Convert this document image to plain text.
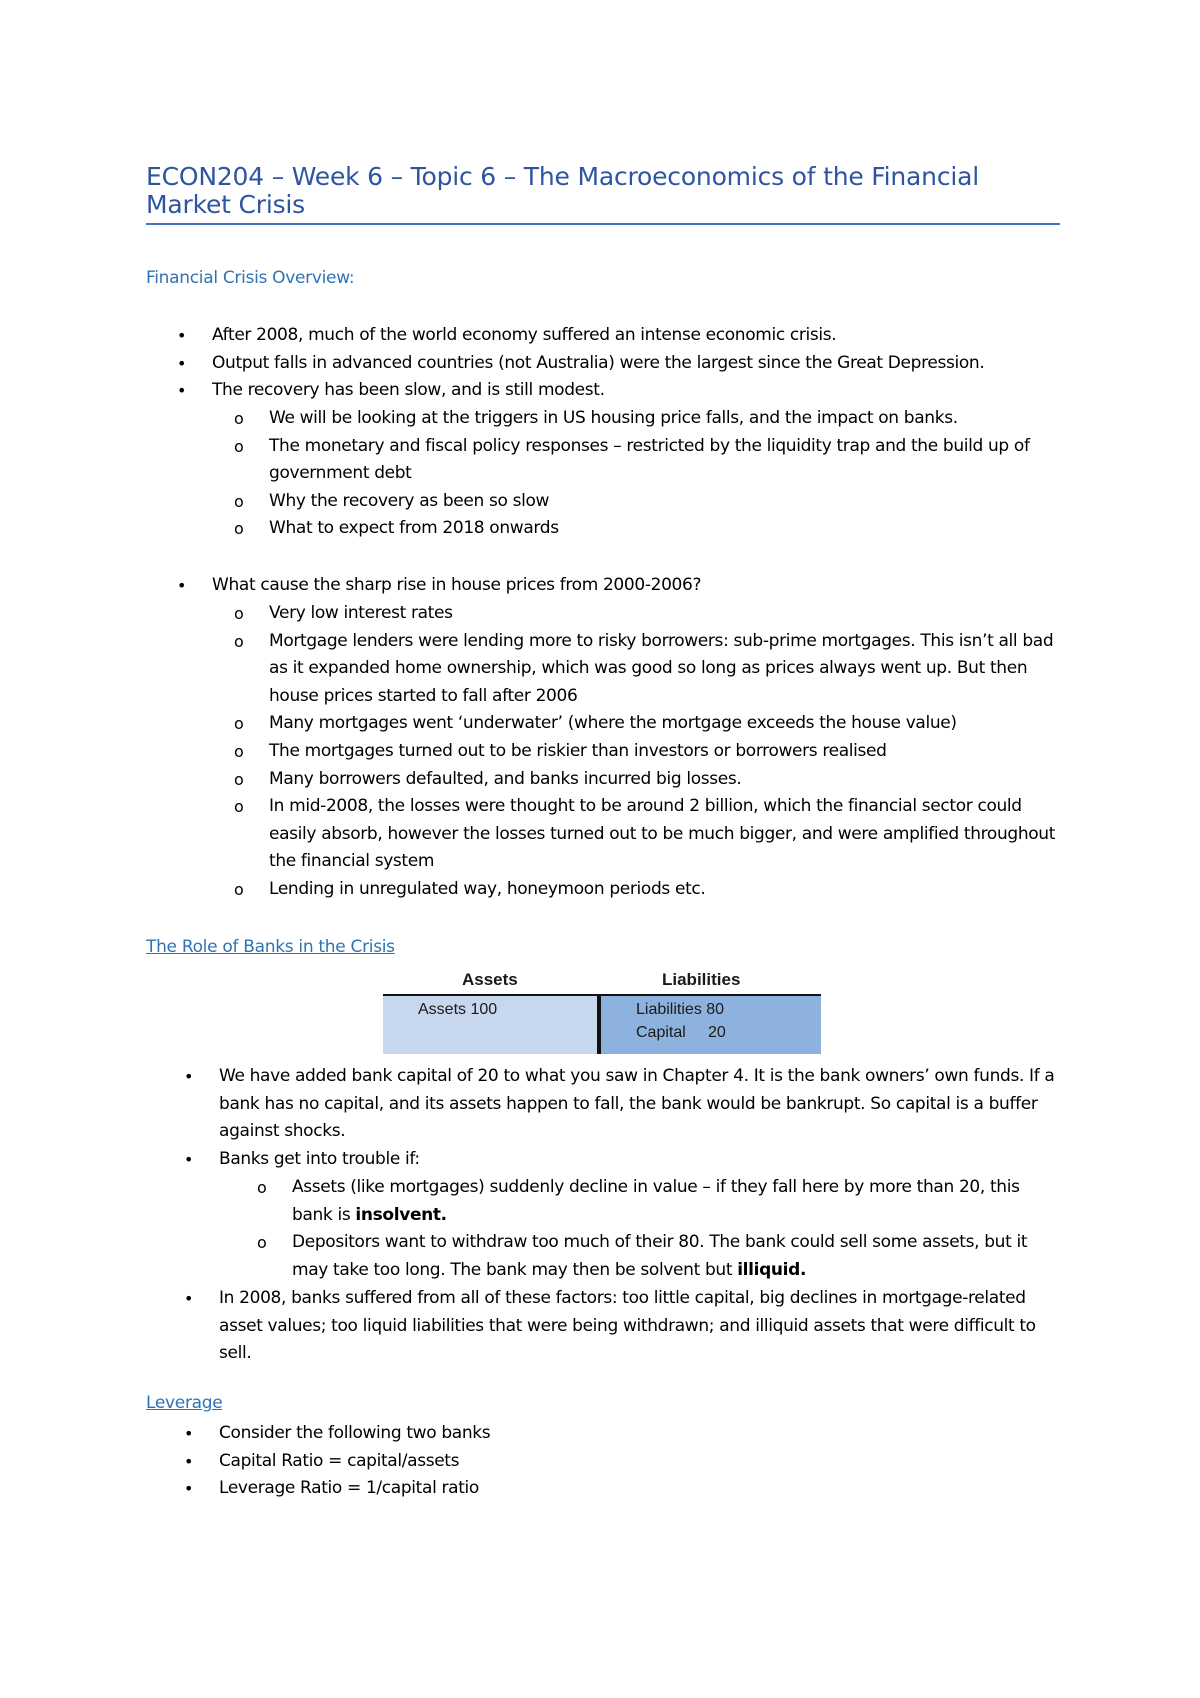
ECON204 – Week 6 – Topic 6 – The Macroeconomics of the Financial Market Crisis
Financial Crisis Overview:
• After 2008, much of the world economy suffered an intense economic crisis.
• Output falls in advanced countries (not Australia) were the largest since the Great Depression.
• The recovery has been slow, and is still modest.
o We will be looking at the triggers in US housing price falls, and the impact on banks.
o The monetary and fiscal policy responses – restricted by the liquidity trap and the build up of government debt
o Why the recovery as been so slow
o What to expect from 2018 onwards
• What cause the sharp rise in house prices from 2000-2006?
o Very low interest rates
o Mortgage lenders were lending more to risky borrowers: sub-prime mortgages. This isn’t all bad as it expanded home ownership, which was good so long as prices always went up. But then house prices started to fall after 2006
o Many mortgages went ‘underwater’ (where the mortgage exceeds the house value)
o The mortgages turned out to be riskier than investors or borrowers realised
o Many borrowers defaulted, and banks incurred big losses.
o In mid-2008, the losses were thought to be around 2 billion, which the financial sector could easily absorb, however the losses turned out to be much bigger, and were amplified throughout the financial system
o Lending in unregulated way, honeymoon periods etc.
The Role of Banks in the Crisis
Assets	Liabilities
Assets 100	Liabilities 80
Capital     20
• We have added bank capital of 20 to what you saw in Chapter 4. It is the bank owners’ own funds. If a bank has no capital, and its assets happen to fall, the bank would be bankrupt. So capital is a buffer against shocks.
• Banks get into trouble if:
o Assets (like mortgages) suddenly decline in value – if they fall here by more than 20, this bank is insolvent.
o Depositors want to withdraw too much of their 80. The bank could sell some assets, but it may take too long. The bank may then be solvent but illiquid.
• In 2008, banks suffered from all of these factors: too little capital, big declines in mortgage-related asset values; too liquid liabilities that were being withdrawn; and illiquid assets that were difficult to sell.
Leverage
• Consider the following two banks
• Capital Ratio = capital/assets
• Leverage Ratio = 1/capital ratio
